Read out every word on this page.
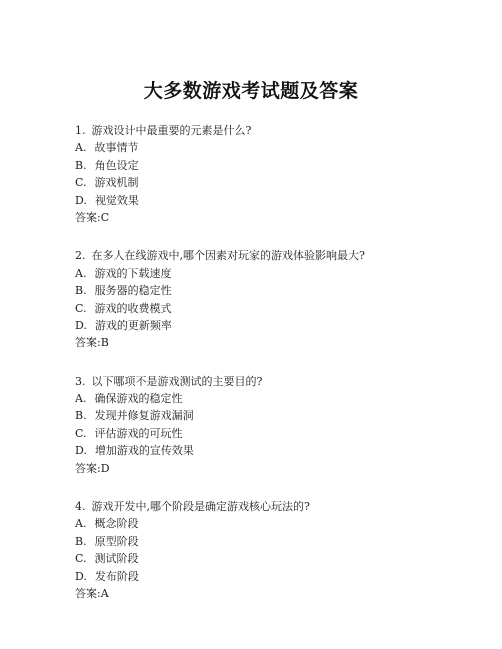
大多数游戏考试题及答案
1. 游戏设计中最重要的元素是什么?
A. 故事情节
B. 角色设定
C. 游戏机制
D. 视觉效果
答案:C
2. 在多人在线游戏中,哪个因素对玩家的游戏体验影响最大?
A. 游戏的下载速度
B. 服务器的稳定性
C. 游戏的收费模式
D. 游戏的更新频率
答案:B
3. 以下哪项不是游戏测试的主要目的?
A. 确保游戏的稳定性
B. 发现并修复游戏漏洞
C. 评估游戏的可玩性
D. 增加游戏的宣传效果
答案:D
4. 游戏开发中,哪个阶段是确定游戏核心玩法的?
A. 概念阶段
B. 原型阶段
C. 测试阶段
D. 发布阶段
答案:A
